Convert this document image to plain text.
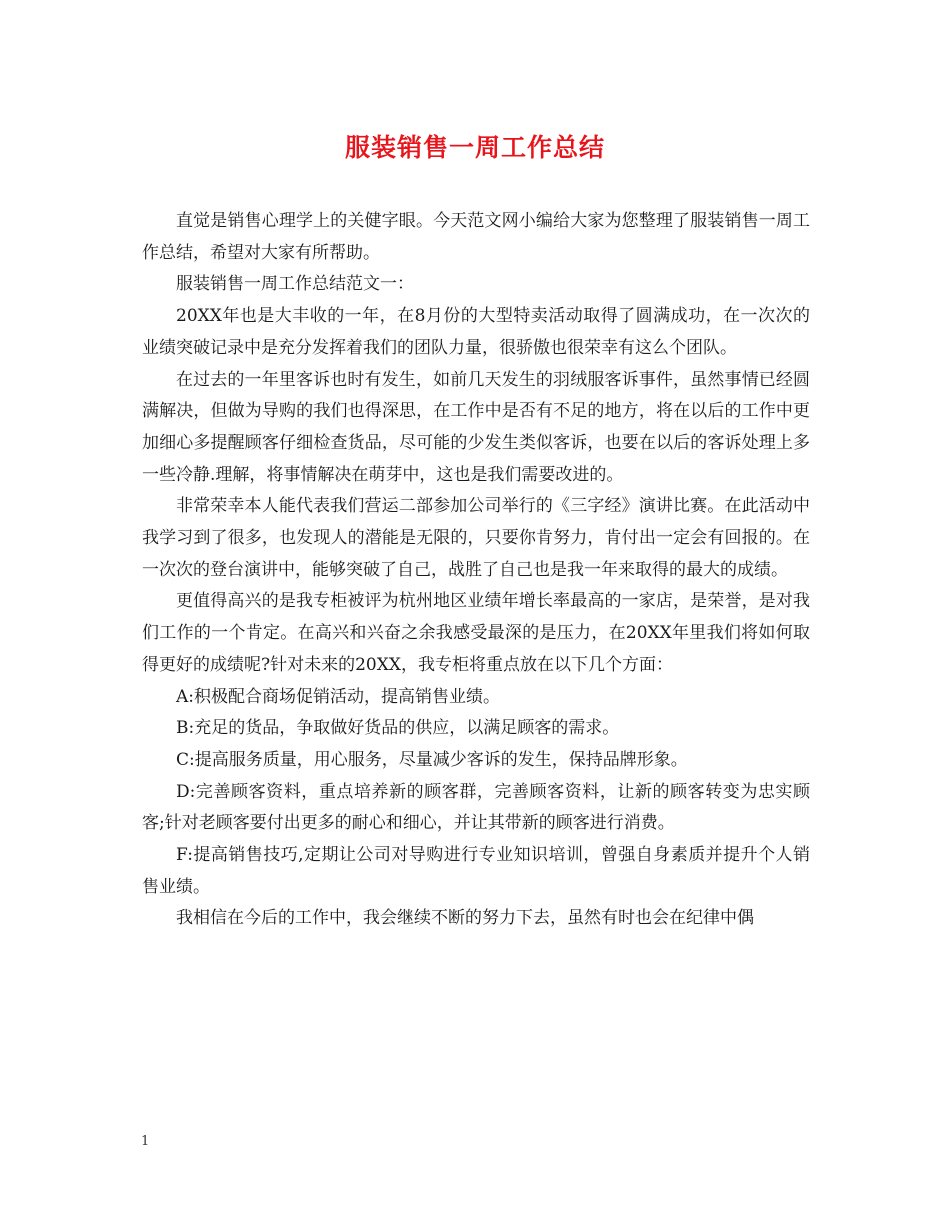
服装销售一周工作总结

直觉是销售心理学上的关健字眼。今天范文网小编给大家为您整理了服装销售一周工作总结，希望对大家有所帮助。

服装销售一周工作总结范文一：

20XX年也是大丰收的一年，在8月份的大型特卖活动取得了圆满成功，在一次次的业绩突破记录中是充分发挥着我们的团队力量，很骄傲也很荣幸有这么个团队。

在过去的一年里客诉也时有发生，如前几天发生的羽绒服客诉事件，虽然事情已经圆满解决，但做为导购的我们也得深思，在工作中是否有不足的地方，将在以后的工作中更加细心多提醒顾客仔细检查货品，尽可能的少发生类似客诉，也要在以后的客诉处理上多一些冷静.理解，将事情解决在萌芽中，这也是我们需要改进的。

非常荣幸本人能代表我们营运二部参加公司举行的《三字经》演讲比赛。在此活动中我学习到了很多，也发现人的潜能是无限的，只要你肯努力，肯付出一定会有回报的。在一次次的登台演讲中，能够突破了自己，战胜了自己也是我一年来取得的最大的成绩。

更值得高兴的是我专柜被评为杭州地区业绩年增长率最高的一家店，是荣誉，是对我们工作的一个肯定。在高兴和兴奋之余我感受最深的是压力，在20XX年里我们将如何取得更好的成绩呢?针对未来的20XX，我专柜将重点放在以下几个方面：

A:积极配合商场促销活动，提高销售业绩。

B:充足的货品，争取做好货品的供应，以满足顾客的需求。

C:提高服务质量，用心服务，尽量减少客诉的发生，保持品牌形象。

D:完善顾客资料，重点培养新的顾客群，完善顾客资料，让新的顾客转变为忠实顾客;针对老顾客要付出更多的耐心和细心，并让其带新的顾客进行消费。

F:提高销售技巧,定期让公司对导购进行专业知识培训，曾强自身素质并提升个人销售业绩。

我相信在今后的工作中，我会继续不断的努力下去，虽然有时也会在纪律中偶

1
